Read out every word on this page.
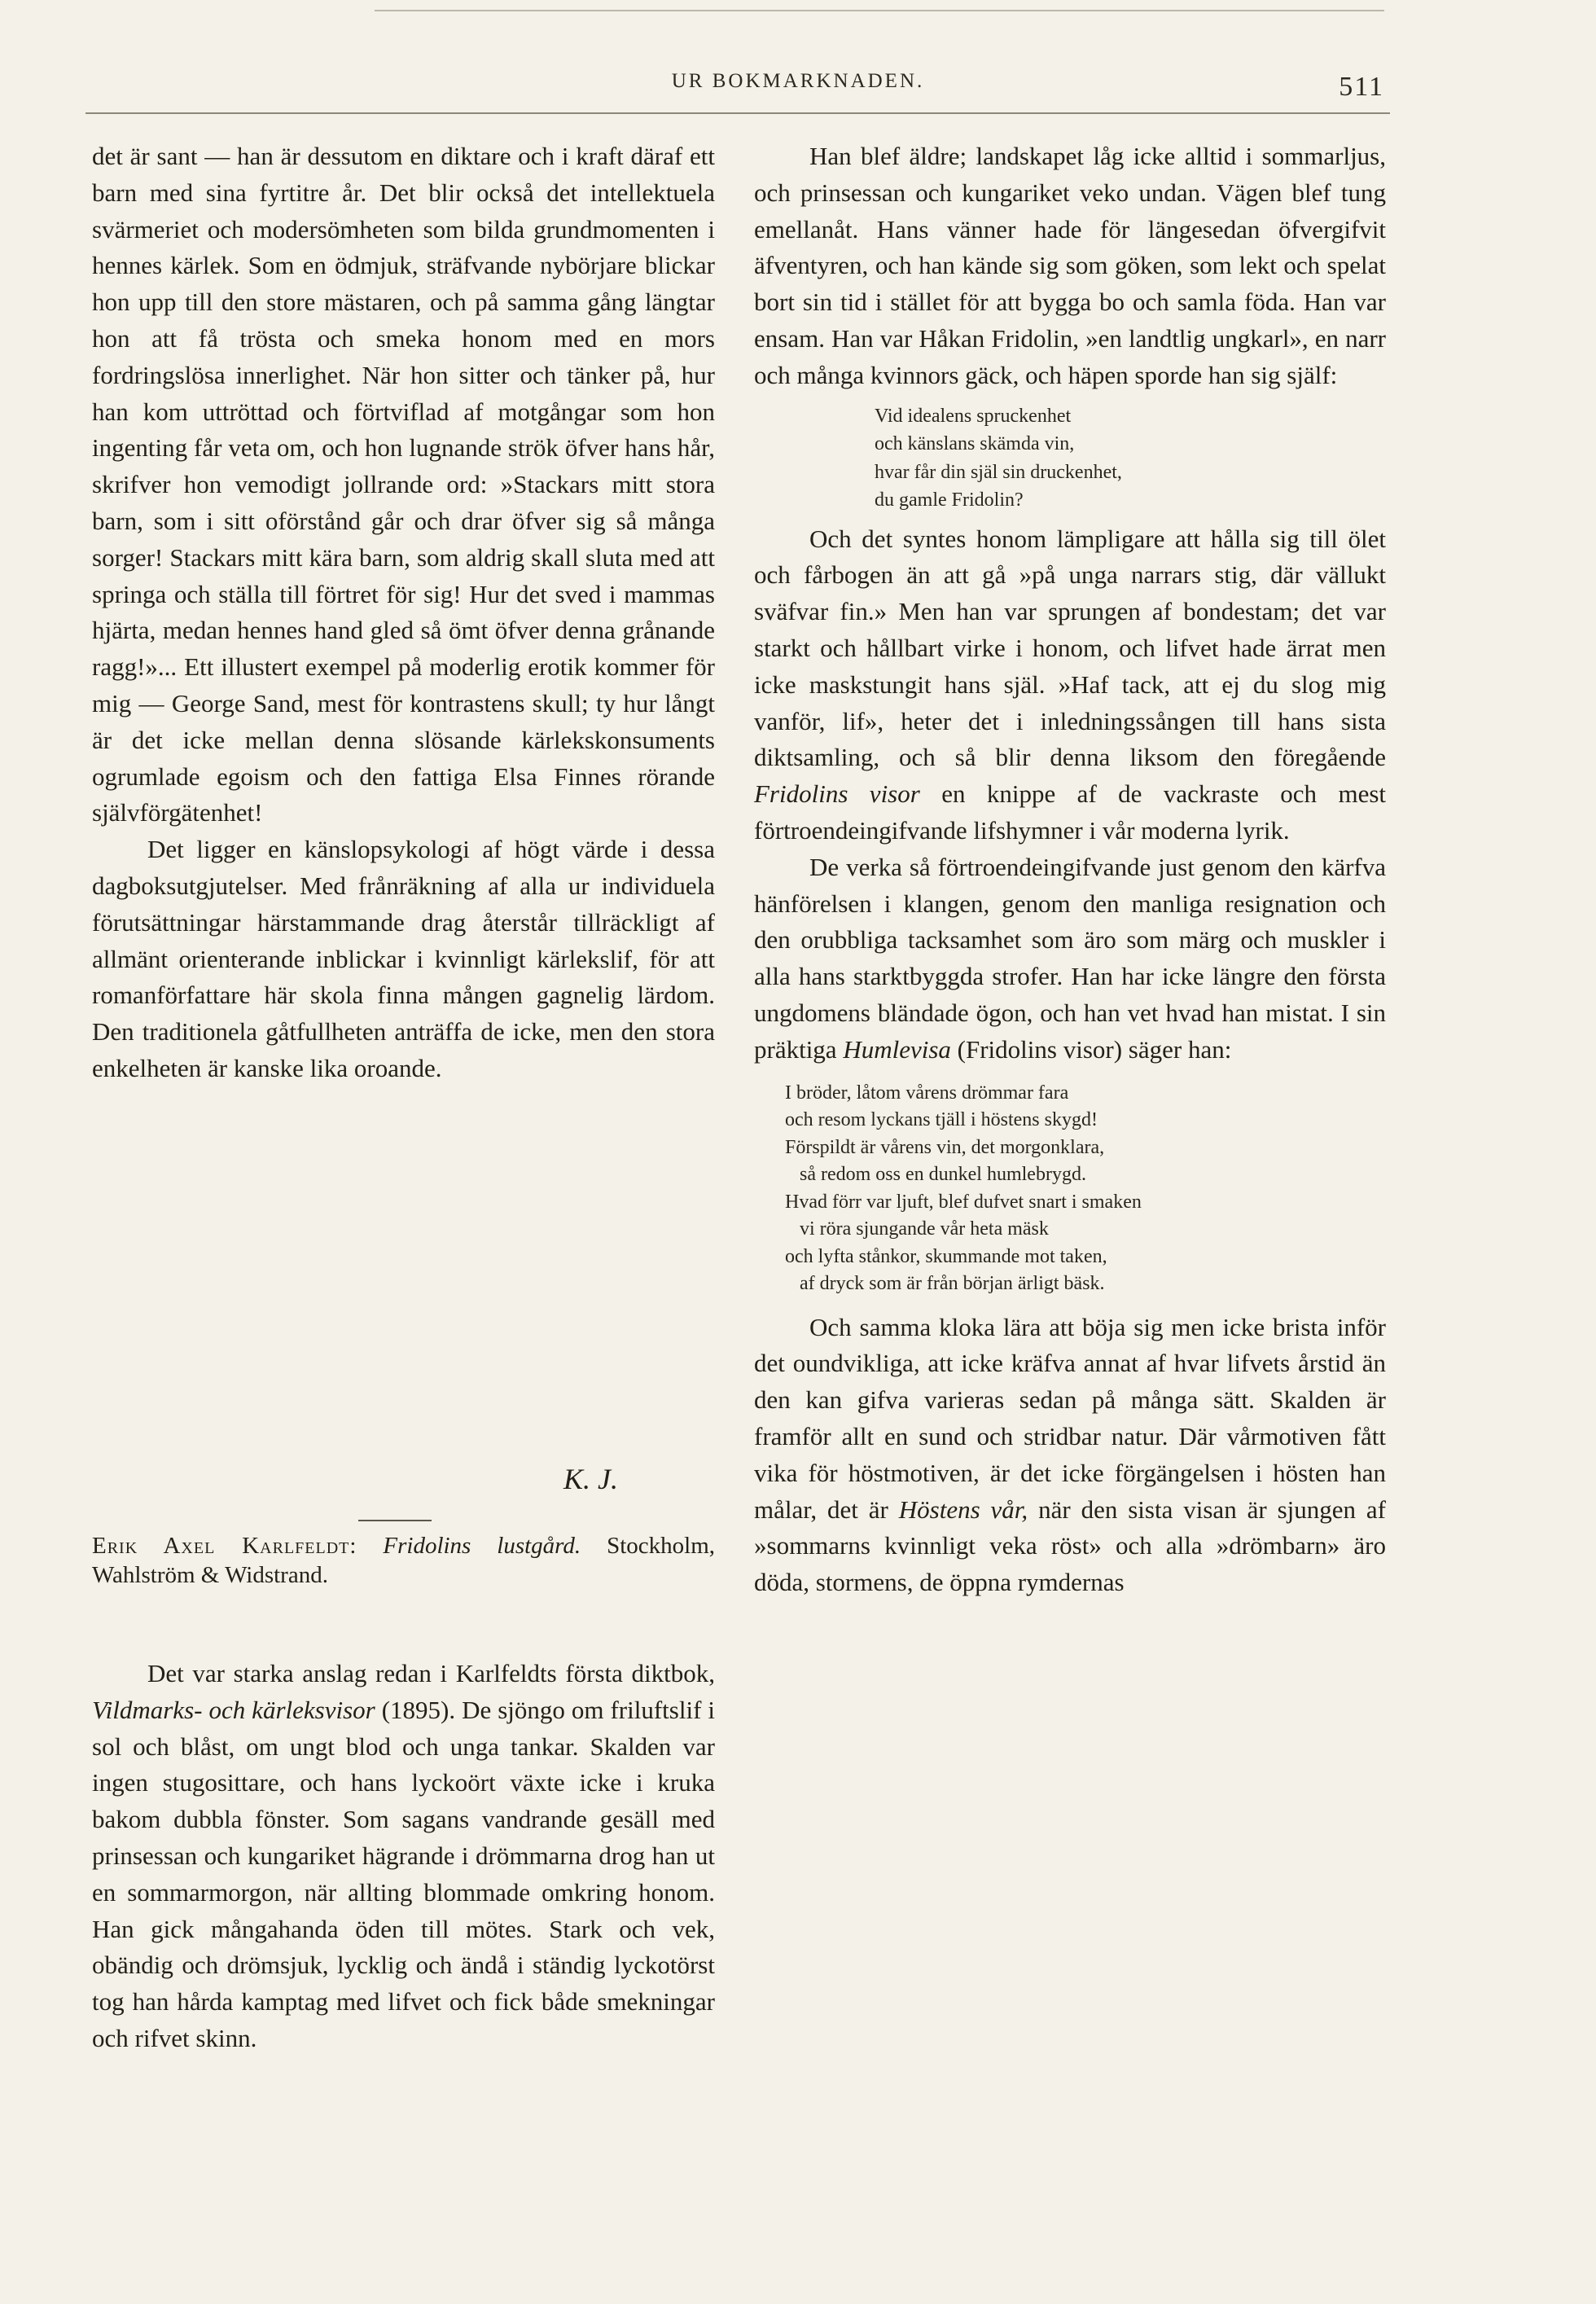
UR BOKMARKNADEN.	511

det är sant — han är dessutom en diktare och i kraft däraf ett barn med sina fyrtitre år. Det blir också det intellektuela svärmeriet och modersömheten som bilda grundmomenten i hennes kärlek. Som en ödmjuk, sträfvande nybörjare blickar hon upp till den store mästaren, och på samma gång längtar hon att få trösta och smeka honom med en mors fordringslösa innerlighet. När hon sitter och tänker på, hur han kom uttröttad och förtviflad af motgångar som hon ingenting får veta om, och hon lugnande strök öfver hans hår, skrifver hon vemodigt jollrande ord: »Stackars mitt stora barn, som i sitt oförstånd går och drar öfver sig så många sorger! Stackars mitt kära barn, som aldrig skall sluta med att springa och ställa till förtret för sig! Hur det sved i mammas hjärta, medan hennes hand gled så ömt öfver denna grånande ragg!»... Ett illustert exempel på moderlig erotik kommer för mig — George Sand, mest för kontrastens skull; ty hur långt är det icke mellan denna slösande kärlekskonsuments ogrumlade egoism och den fattiga Elsa Finnes rörande självförgätenhet!

Det ligger en känslopsykologi af högt värde i dessa dagboksutgjutelser. Med frånräkning af alla ur individuela förutsättningar härstammande drag återstår tillräckligt af allmänt orienterande inblickar i kvinnligt kärlekslif, för att romanförfattare här skola finna mången gagnelig lärdom. Den traditionela gåtfullheten anträffa de icke, men den stora enkelheten är kanske lika oroande.

K. J.
Erik Axel Karlfeldt: Fridolins lustgård. Stockholm, Wahlström & Widstrand.

Det var starka anslag redan i Karlfeldts första diktbok, Vildmarks- och kärleksvisor (1895). De sjöngo om friluftslif i sol och blåst, om ungt blod och unga tankar. Skalden var ingen stugosittare, och hans lyckoört växte icke i kruka bakom dubbla fönster. Som sagans vandrande gesäll med prinsessan och kungariket hägrande i drömmarna drog han ut en sommarmorgon, när allting blommade omkring honom. Han gick mångahanda öden till mötes. Stark och vek, obändig och drömsjuk, lycklig och ändå i ständig lyckotörst tog han hårda kamptag med lifvet och fick både smekningar och rifvet skinn.

Han blef äldre; landskapet låg icke alltid i sommarljus, och prinsessan och kungariket veko undan. Vägen blef tung emellanåt. Hans vänner hade för längesedan öfvergifvit äfventyren, och han kände sig som göken, som lekt och spelat bort sin tid i stället för att bygga bo och samla föda. Han var ensam. Han var Håkan Fridolin, »en landtlig ungkarl», en narr och många kvinnors gäck, och häpen sporde han sig själf:

Vid idealens spruckenhet
och känslans skämda vin,
hvar får din själ sin druckenhet,
du gamle Fridolin?

Och det syntes honom lämpligare att hålla sig till ölet och fårbogen än att gå »på unga narrars stig, där vällukt sväfvar fin.» Men han var sprungen af bondestam; det var starkt och hållbart virke i honom, och lifvet hade ärrat men icke maskstungit hans själ. »Haf tack, att ej du slog mig vanför, lif», heter det i inledningssången till hans sista diktsamling, och så blir denna liksom den föregående Fridolins visor en knippe af de vackraste och mest förtroendeingifvande lifshymner i vår moderna lyrik.

De verka så förtroendeingifvande just genom den kärfva hänförelsen i klangen, genom den manliga resignation och den orubbliga tacksamhet som äro som märg och muskler i alla hans starktbyggda strofer. Han har icke längre den första ungdomens bländade ögon, och han vet hvad han mistat. I sin präktiga Humlevisa (Fridolins visor) säger han:

I bröder, låtom vårens drömmar fara
och resom lyckans tjäll i höstens skygd!
Förspildt är vårens vin, det morgonklara,
så redom oss en dunkel humlebrygd.
Hvad förr var ljuft, blef dufvet snart i smaken
vi röra sjungande vår heta mäsk
och lyfta stånkor, skummande mot taken,
af dryck som är från början ärligt bäsk.

Och samma kloka lära att böja sig men icke brista inför det oundvikliga, att icke kräfva annat af hvar lifvets årstid än den kan gifva varieras sedan på många sätt. Skalden är framför allt en sund och stridbar natur. Där vårmotiven fått vika för höstmotiven, är det icke förgängelsen i hösten han målar, det är Höstens vår, när den sista visan är sjungen af »sommarns kvinnligt veka röst» och alla »drömbarn» äro döda, stormens, de öppna rymdernas
